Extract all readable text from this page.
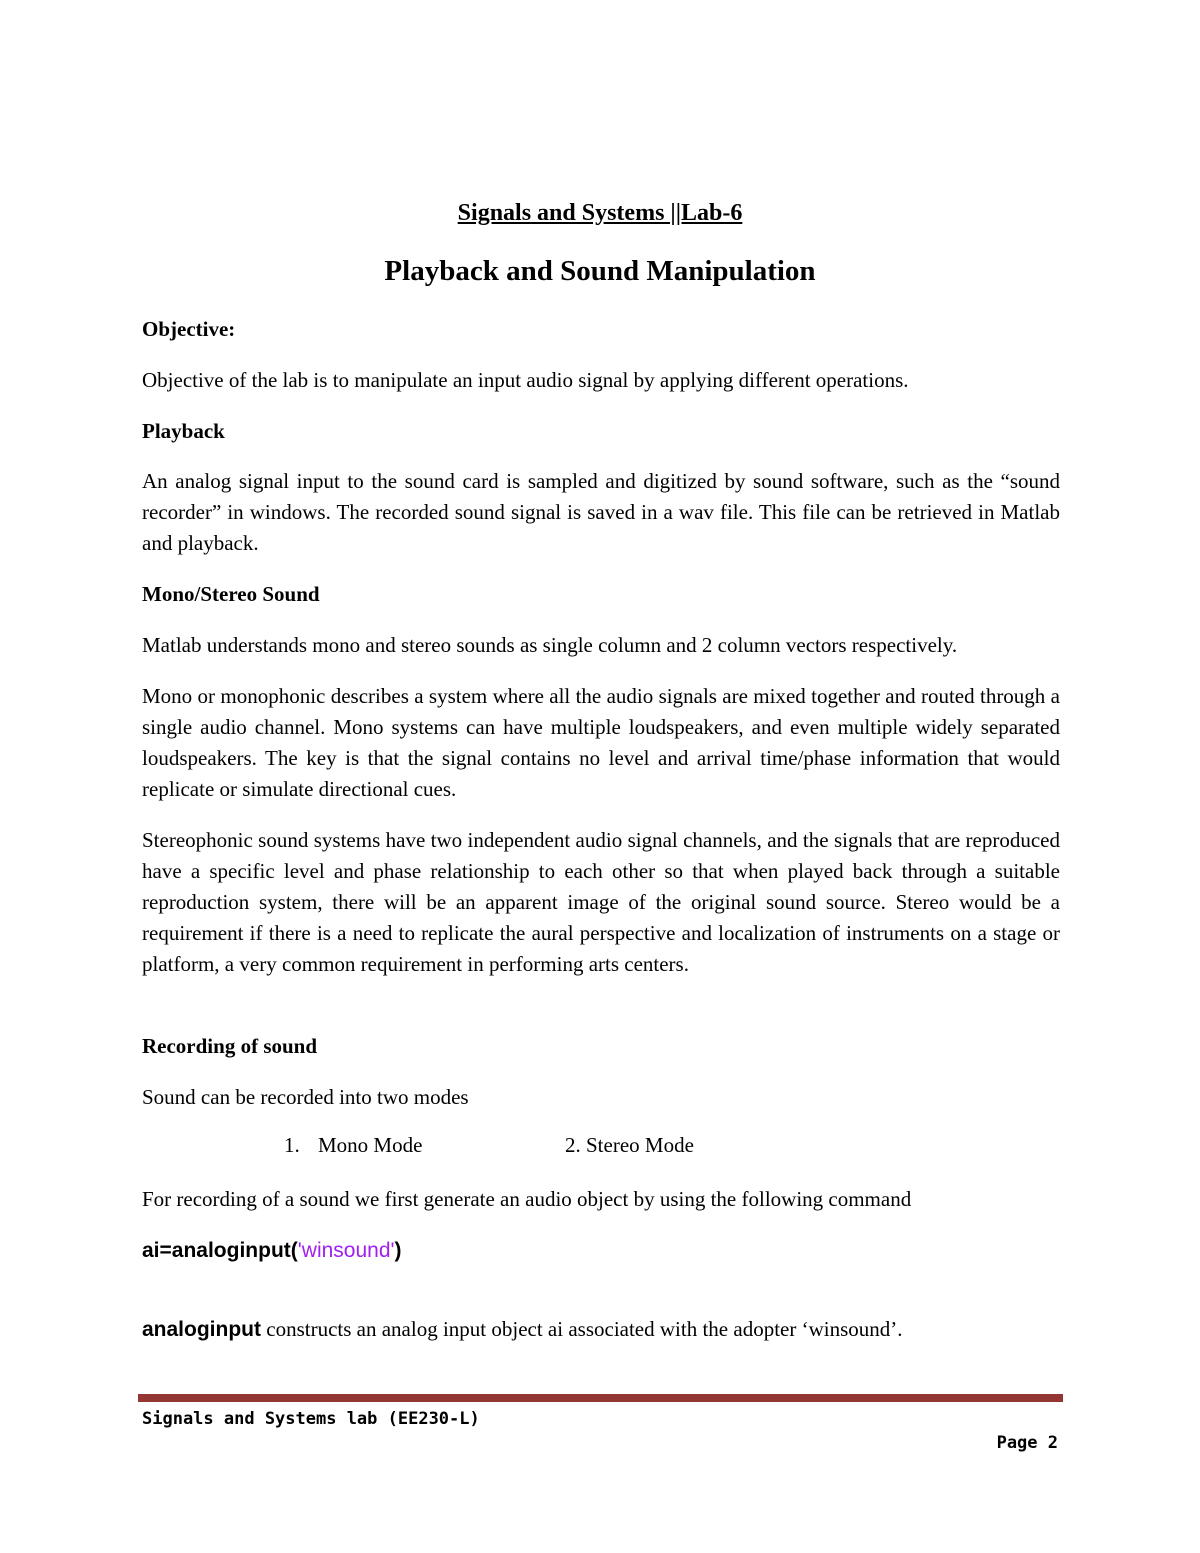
Signals and Systems ||Lab-6
Playback and Sound Manipulation
Objective:
Objective of the lab is to manipulate an input audio signal by applying different operations.
Playback
An analog signal input to the sound card is sampled and digitized by sound software, such as the “sound recorder” in windows. The recorded sound signal is saved in a wav file. This file can be retrieved in Matlab and playback.
Mono/Stereo Sound
Matlab understands mono and stereo sounds as single column and 2 column vectors respectively.
Mono or monophonic describes a system where all the audio signals are mixed together and routed through a single audio channel. Mono systems can have multiple loudspeakers, and even multiple widely separated loudspeakers. The key is that the signal contains no level and arrival time/phase information that would replicate or simulate directional cues.
Stereophonic sound systems have two independent audio signal channels, and the signals that are reproduced have a specific level and phase relationship to each other so that when played back through a suitable reproduction system, there will be an apparent image of the original sound source. Stereo would be a requirement if there is a need to replicate the aural perspective and localization of instruments on a stage or platform, a very common requirement in performing arts centers.
Recording of sound
Sound can be recorded into two modes
1. Mono Mode	2. Stereo Mode
For recording of a sound we first generate an audio object by using the following command
ai=analoginput('winsound')
analoginput constructs an analog input object ai associated with the adopter ‘winsound’.
Signals and Systems lab (EE230-L)
Page 2
